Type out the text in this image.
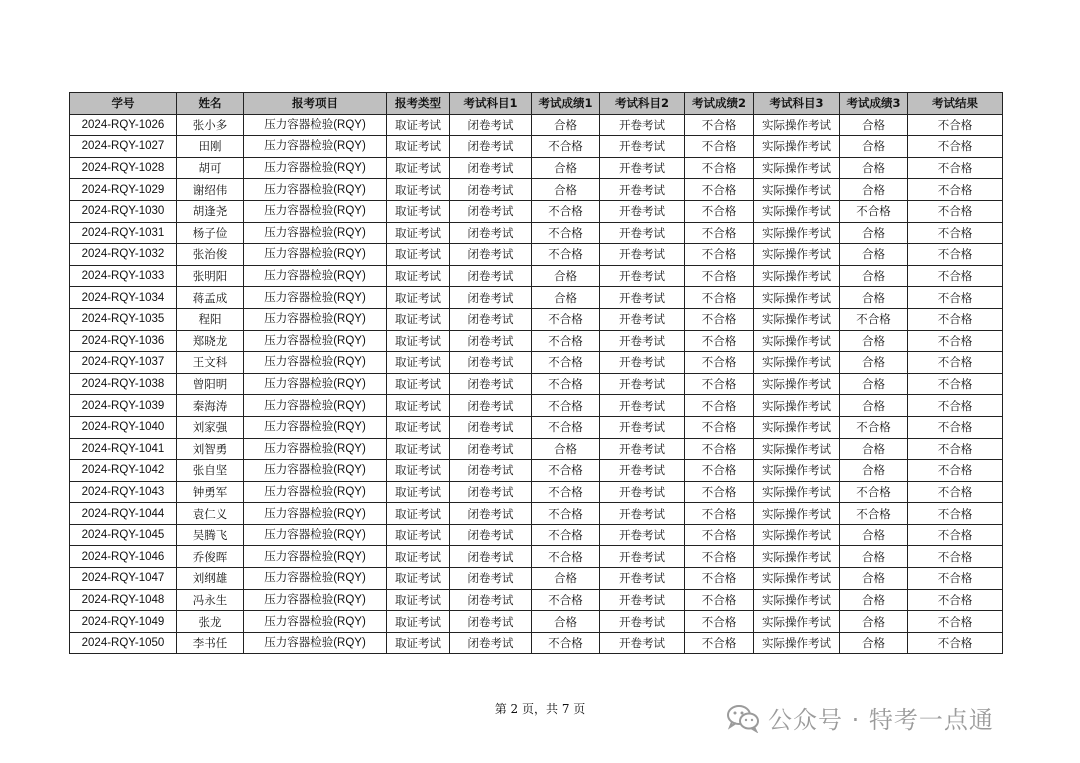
学号	姓名	报考项目	报考类型	考试科目1	考试成绩1	考试科目2	考试成绩2	考试科目3	考试成绩3	考试结果
2024-RQY-1026	张小多	压力容器检验(RQY)	取证考试	闭卷考试	合格	开卷考试	不合格	实际操作考试	合格	不合格
2024-RQY-1027	田刚	压力容器检验(RQY)	取证考试	闭卷考试	不合格	开卷考试	不合格	实际操作考试	合格	不合格
2024-RQY-1028	胡可	压力容器检验(RQY)	取证考试	闭卷考试	合格	开卷考试	不合格	实际操作考试	合格	不合格
2024-RQY-1029	谢绍伟	压力容器检验(RQY)	取证考试	闭卷考试	合格	开卷考试	不合格	实际操作考试	合格	不合格
2024-RQY-1030	胡逢尧	压力容器检验(RQY)	取证考试	闭卷考试	不合格	开卷考试	不合格	实际操作考试	不合格	不合格
2024-RQY-1031	杨子俭	压力容器检验(RQY)	取证考试	闭卷考试	不合格	开卷考试	不合格	实际操作考试	合格	不合格
2024-RQY-1032	张治俊	压力容器检验(RQY)	取证考试	闭卷考试	不合格	开卷考试	不合格	实际操作考试	合格	不合格
2024-RQY-1033	张明阳	压力容器检验(RQY)	取证考试	闭卷考试	合格	开卷考试	不合格	实际操作考试	合格	不合格
2024-RQY-1034	蒋孟成	压力容器检验(RQY)	取证考试	闭卷考试	合格	开卷考试	不合格	实际操作考试	合格	不合格
2024-RQY-1035	程阳	压力容器检验(RQY)	取证考试	闭卷考试	不合格	开卷考试	不合格	实际操作考试	不合格	不合格
2024-RQY-1036	郑晓龙	压力容器检验(RQY)	取证考试	闭卷考试	不合格	开卷考试	不合格	实际操作考试	合格	不合格
2024-RQY-1037	王文科	压力容器检验(RQY)	取证考试	闭卷考试	不合格	开卷考试	不合格	实际操作考试	合格	不合格
2024-RQY-1038	曾阳明	压力容器检验(RQY)	取证考试	闭卷考试	不合格	开卷考试	不合格	实际操作考试	合格	不合格
2024-RQY-1039	秦海涛	压力容器检验(RQY)	取证考试	闭卷考试	不合格	开卷考试	不合格	实际操作考试	合格	不合格
2024-RQY-1040	刘家强	压力容器检验(RQY)	取证考试	闭卷考试	不合格	开卷考试	不合格	实际操作考试	不合格	不合格
2024-RQY-1041	刘智勇	压力容器检验(RQY)	取证考试	闭卷考试	合格	开卷考试	不合格	实际操作考试	合格	不合格
2024-RQY-1042	张自坚	压力容器检验(RQY)	取证考试	闭卷考试	不合格	开卷考试	不合格	实际操作考试	合格	不合格
2024-RQY-1043	钟勇军	压力容器检验(RQY)	取证考试	闭卷考试	不合格	开卷考试	不合格	实际操作考试	不合格	不合格
2024-RQY-1044	袁仁义	压力容器检验(RQY)	取证考试	闭卷考试	不合格	开卷考试	不合格	实际操作考试	不合格	不合格
2024-RQY-1045	吴腾飞	压力容器检验(RQY)	取证考试	闭卷考试	不合格	开卷考试	不合格	实际操作考试	合格	不合格
2024-RQY-1046	乔俊晖	压力容器检验(RQY)	取证考试	闭卷考试	不合格	开卷考试	不合格	实际操作考试	合格	不合格
2024-RQY-1047	刘纲雄	压力容器检验(RQY)	取证考试	闭卷考试	合格	开卷考试	不合格	实际操作考试	合格	不合格
2024-RQY-1048	冯永生	压力容器检验(RQY)	取证考试	闭卷考试	不合格	开卷考试	不合格	实际操作考试	合格	不合格
2024-RQY-1049	张龙	压力容器检验(RQY)	取证考试	闭卷考试	合格	开卷考试	不合格	实际操作考试	合格	不合格
2024-RQY-1050	李书任	压力容器检验(RQY)	取证考试	闭卷考试	不合格	开卷考试	不合格	实际操作考试	合格	不合格
第 2 页，共 7 页	公众号 · 特考一点通
